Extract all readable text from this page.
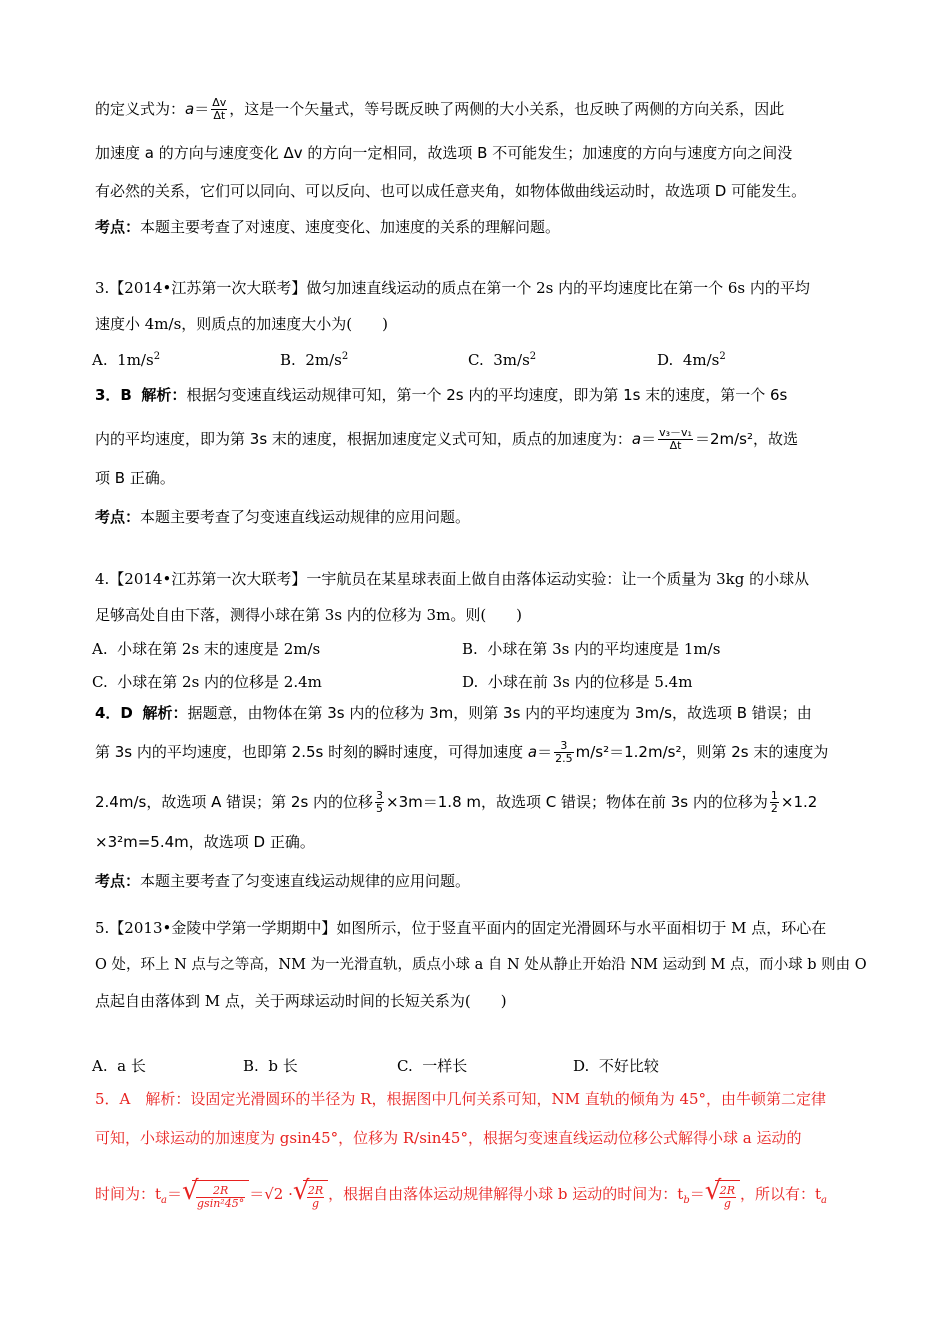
的定义式为：$a= \frac{\Delta v}{\Delta t}$ ，这是一个矢量式，等号既反映了两侧的大小关系，也反映了两侧的方向关系，因此
加速度 a 的方向与速度变化 Δv 的方向一定相同，故选项 B 不可能发生；加速度的方向与速度方向之间没
有必然的关系，它们可以同向、可以反向、也可以成任意夹角，如物体做曲线运动时，故选项 D 可能发生。
考点：本题主要考查了对速度、速度变化、加速度的关系的理解问题。
3.【2014•江苏第一次大联考】做匀加速直线运动的质点在第一个 2s 内的平均速度比在第一个 6s 内的平均
速度小 4m/s，则质点的加速度大小为(　　)
A. $1m/s^2$	B. $2m/s^2$	C. $3m/s^2$	D. $4m/s^2$
3．B 解析：根据匀变速直线运动规律可知，第一个 2s 内的平均速度，即为第 1s 末的速度，第一个 6s
内的平均速度，即为第 3s 末的速度，根据加速度定义式可知，质点的加速度为：$a= \frac{\text{v₃－v₁}}{\Delta t} =2m/s^2$，故选
项 B 正确。
考点：本题主要考查了匀变速直线运动规律的应用问题。
4.【2014•江苏第一次大联考】一宇航员在某星球表面上做自由落体运动实验：让一个质量为 3kg 的小球从
足够高处自由下落，测得小球在第 3s 内的位移为 3m。则(　　)
A. 小球在第 2s 末的速度是 2m/s	B. 小球在第 3s 内的平均速度是 1m/s
C. 小球在第 2s 内的位移是 2.4m	D. 小球在前 3s 内的位移是 5.4m
4．D 解析：据题意，由物体在第 3s 内的位移为 3m，则第 3s 内的平均速度为 3m/s，故选项 B 错误；由
第 3s 内的平均速度，也即第 2.5s 时刻的瞬时速度，可得加速度 $a= \frac{3}{2.5} m/s^2=1.2m/s^2$，则第 2s 末的速度为
2.4m/s，故选项 A 错误；第 2s 内的位移 $\frac{3}{5} \times 3m=1.8$ m，故选项 C 错误；物体在前 3s 内的位移为 $\frac{1}{2} \times 1.2$
×3²m=5.4m，故选项 D 正确。
考点：本题主要考查了匀变速直线运动规律的应用问题。
5.【2013•金陵中学第一学期期中】如图所示，位于竖直平面内的固定光滑圆环与水平面相切于 M 点，环心在
O 处，环上 N 点与之等高，NM 为一光滑直轨，质点小球 a 自 N 处从静止开始沿 NM 运动到 M 点，而小球 b 则由 O
点起自由落体到 M 点，关于两球运动时间的长短关系为(　　)
A. a 长	B. b 长	C. 一样长	D. 不好比较
5．A　解析：设固定光滑圆环的半径为 R，根据图中几何关系可知，NM 直轨的倾角为 45°，由牛顿第二定律
可知，小球运动的加速度为 gsin45°，位移为 R/sin45°，根据匀变速直线运动位移公式解得小球 a 运动的
时间为：$t_a=$ √
$\frac{2R}{\text{gsin²45°}} =√2$ · √
$\frac{2R}{g}$ ，根据自由落体运动规律解得小球 b 运动的时间为：$t_b=$ √
$\frac{2R}{g}$ ，所以有：$t_a$
